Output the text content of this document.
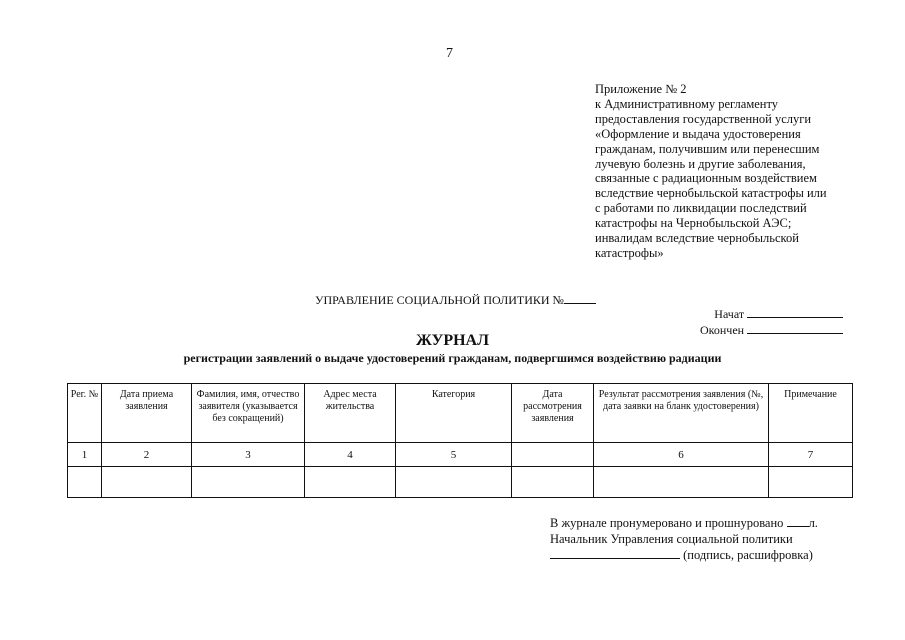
7
Приложение № 2
к Административному регламенту
предоставления государственной услуги
«Оформление и выдача удостоверения
гражданам, получившим или перенесшим
лучевую болезнь и другие заболевания,
связанные с радиационным воздействием
вследствие чернобыльской катастрофы или
с работами по ликвидации последствий
катастрофы на Чернобыльской АЭС;
инвалидам вследствие чернобыльской
катастрофы»
УПРАВЛЕНИЕ СОЦИАЛЬНОЙ ПОЛИТИКИ №
Начат
Окончен
ЖУРНАЛ
регистрации заявлений о выдаче удостоверений гражданам, подвергшимся воздействию радиации
Рег. №	Дата приема заявления	Фамилия, имя, отчество заявителя (указывается без сокращений)	Адрес места жительства	Категория	Дата рассмотрения заявления	Результат рассмотрения заявления (№, дата заявки на бланк удостоверения)	Примечание
1	2	3	4	5		6	7

В журнале пронумеровано и прошнуровано л.
Начальник Управления социальной политики
(подпись, расшифровка)
